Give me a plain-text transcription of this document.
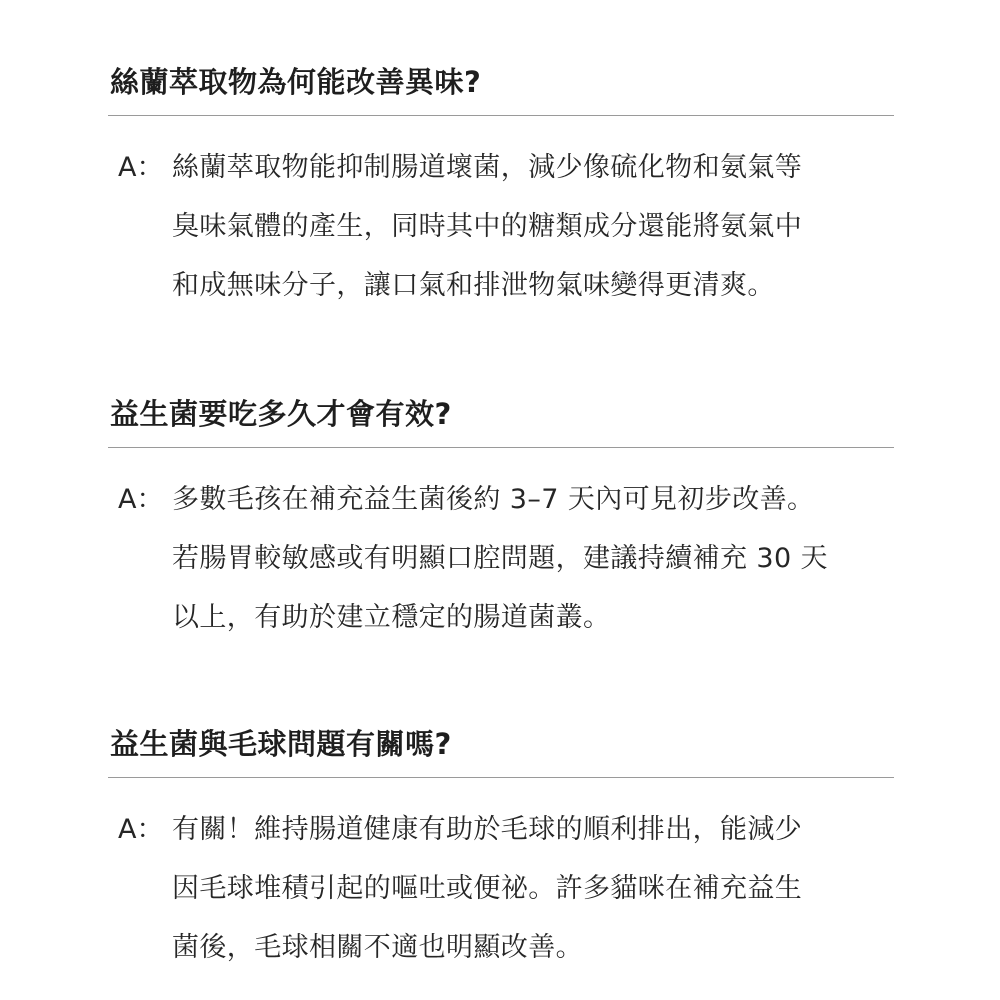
絲蘭萃取物為何能改善異味?
A： 絲蘭萃取物能抑制腸道壞菌，減少像硫化物和氨氣等
臭味氣體的產生，同時其中的糖類成分還能將氨氣中
和成無味分子，讓口氣和排泄物氣味變得更清爽。
益生菌要吃多久才會有效?
A： 多數毛孩在補充益生菌後約 3–7 天內可見初步改善。
若腸胃較敏感或有明顯口腔問題，建議持續補充 30 天
以上，有助於建立穩定的腸道菌叢。
益生菌與毛球問題有關嗎?
A： 有關！維持腸道健康有助於毛球的順利排出，能減少
因毛球堆積引起的嘔吐或便祕。許多貓咪在補充益生
菌後，毛球相關不適也明顯改善。
